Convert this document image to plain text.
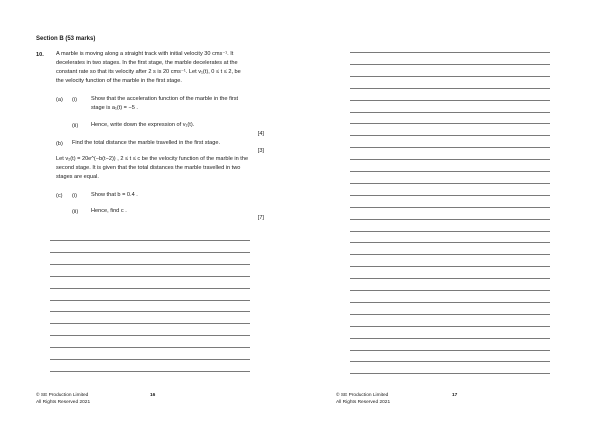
Section B (53 marks)
10. A marble is moving along a straight track with initial velocity 30 cms⁻¹. It
decelerates in two stages. In the first stage, the marble decelerates at the
constant rate so that its velocity after 2 s is 20 cms⁻¹. Let v₁(t), 0 ≤ t ≤ 2, be
the velocity function of the marble in the first stage.
(a) (i)	Show that the acceleration function of the marble in the first
stage is a₁(t) = −5 .
(ii) Hence, write down the expression of v₁(t).
[4]
(b) Find the total distance the marble travelled in the first stage.
[3]
Let v₂(t) = 20e^(−b(t−2)) , 2 ≤ t ≤ c be the velocity function of the marble in the
second stage. It is given that the total distances the marble travelled in two
stages are equal.
(c) (i)	Show that b = 0.4 .
(ii) Hence, find c .
[7]
© SE Production Limited
All Rights Reserved 2021
16	© SE Production Limited
All Rights Reserved 2021
17
